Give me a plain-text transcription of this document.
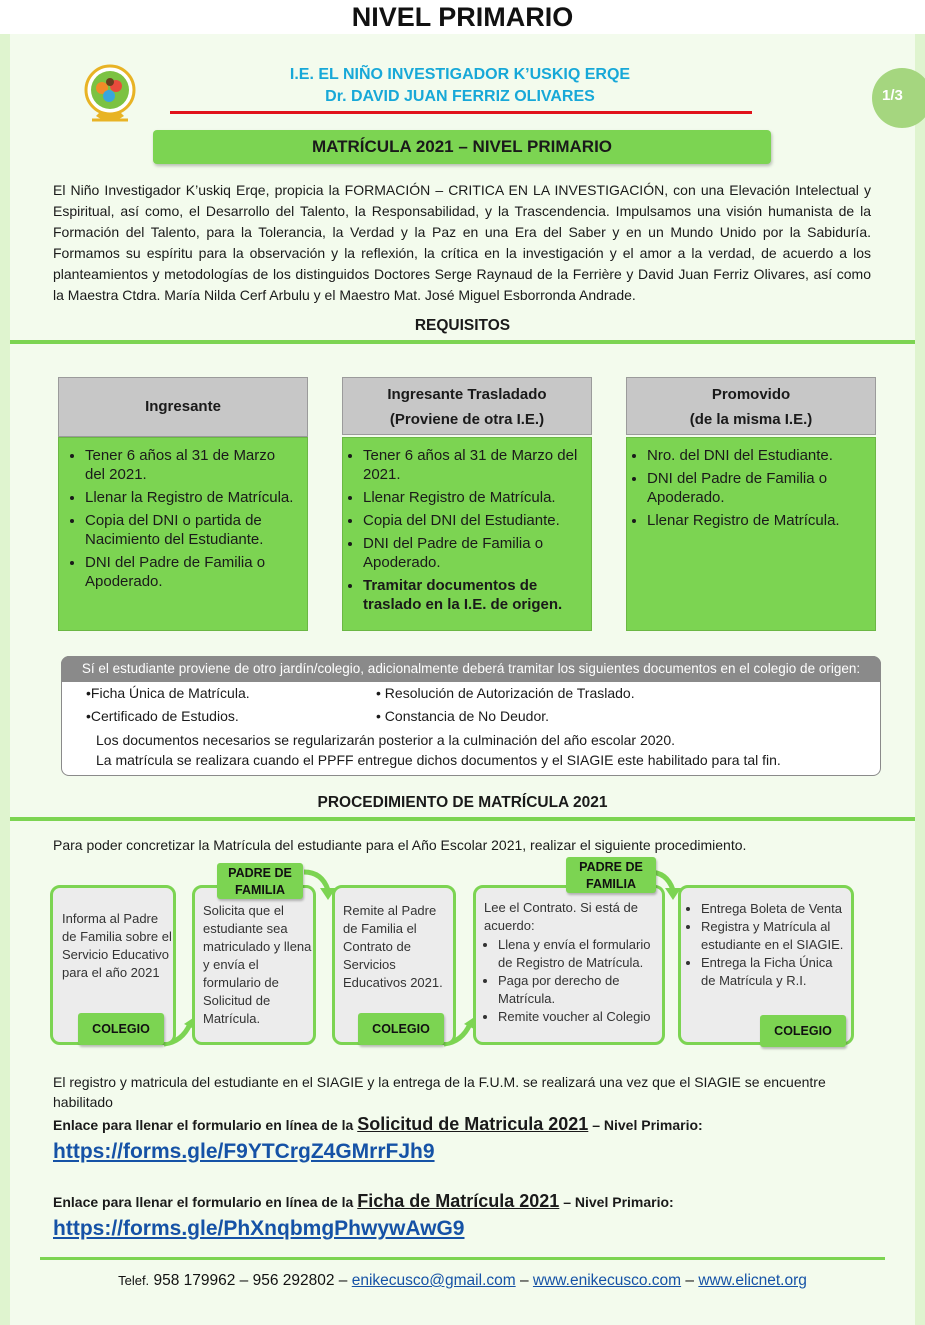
NIVEL PRIMARIO
I.E. EL NIÑO INVESTIGADOR K’USKIQ ERQE
Dr. DAVID JUAN FERRIZ OLIVARES	1/3
MATRÍCULA 2021 – NIVEL PRIMARIO
El Niño Investigador K’uskiq Erqe, propicia la FORMACIÓN – CRITICA EN LA INVESTIGACIÓN, con una Elevación Intelectual y Espiritual, así como, el Desarrollo del Talento, la Responsabilidad, y la Trascendencia. Impulsamos una visión humanista de la Formación del Talento, para la Tolerancia, la Verdad y la Paz en una Era del Saber y en un Mundo Unido por la Sabiduría. Formamos su espíritu para la observación y la reflexión, la crítica en la investigación y el amor a la verdad, de acuerdo a los planteamientos y metodologías de los distinguidos Doctores Serge Raynaud de la Ferrière y David Juan Ferriz Olivares, así como la Maestra Ctdra. María Nilda Cerf Arbulu y el Maestro Mat. José Miguel Esborronda Andrade.
REQUISITOS
Ingresante
• Tener 6 años al 31 de Marzo del 2021.
• Llenar la Registro de Matrícula.
• Copia del DNI o partida de Nacimiento del Estudiante.
• DNI del Padre de Familia o Apoderado.
Ingresante Trasladado
(Proviene de otra I.E.)
• Tener 6 años al 31 de Marzo del 2021.
• Llenar Registro de Matrícula.
• Copia del DNI del Estudiante.
• DNI del Padre de Familia o Apoderado.
• Tramitar documentos de traslado en la I.E. de origen.
Promovido
(de la misma I.E.)
• Nro. del DNI del Estudiante.
• DNI del Padre de Familia o Apoderado.
• Llenar Registro de Matrícula.
Sí el estudiante proviene de otro jardín/colegio, adicionalmente deberá tramitar los siguientes documentos en el colegio de origen:
•Ficha Única de Matrícula.
•Certificado de Estudios.
• Resolución de Autorización de Traslado.
• Constancia de No Deudor.
Los documentos necesarios se regularizarán posterior a la culminación del año escolar 2020.
La matrícula se realizara cuando el PPFF entregue dichos documentos y el SIAGIE este habilitado para tal fin.
PROCEDIMIENTO DE MATRÍCULA 2021
Para poder concretizar la Matrícula del estudiante para el Año Escolar 2021, realizar el siguiente procedimiento.
Informa al Padre de Familia sobre el Servicio Educativo para el año 2021
COLEGIO
Solicita que el estudiante sea matriculado y llena y envía el formulario de Solicitud de Matrícula.
PADRE DE FAMILIA
Remite al Padre de Familia el Contrato de Servicios Educativos 2021.
COLEGIO
Lee el Contrato. Si está de acuerdo:
• Llena y envía el formulario de Registro de Matrícula.
• Paga por derecho de Matrícula.
• Remite voucher al Colegio
PADRE DE FAMILIA
• Entrega Boleta de Venta
• Registra y Matrícula al estudiante en el SIAGIE.
• Entrega la Ficha Única de Matrícula y R.I.
COLEGIO
El registro y matricula del estudiante en el SIAGIE y la entrega de la F.U.M. se realizará una vez que el SIAGIE se encuentre habilitado
Enlace para llenar el formulario en línea de la Solicitud de Matricula 2021 – Nivel Primario:
https://forms.gle/F9YTCrgZ4GMrrFJh9
Enlace para llenar el formulario en línea de la Ficha de Matrícula 2021 – Nivel Primario:
https://forms.gle/PhXnqbmgPhwywAwG9
Telef. 958 179962 – 956 292802 – enikecusco@gmail.com – www.enikecusco.com – www.elicnet.org
